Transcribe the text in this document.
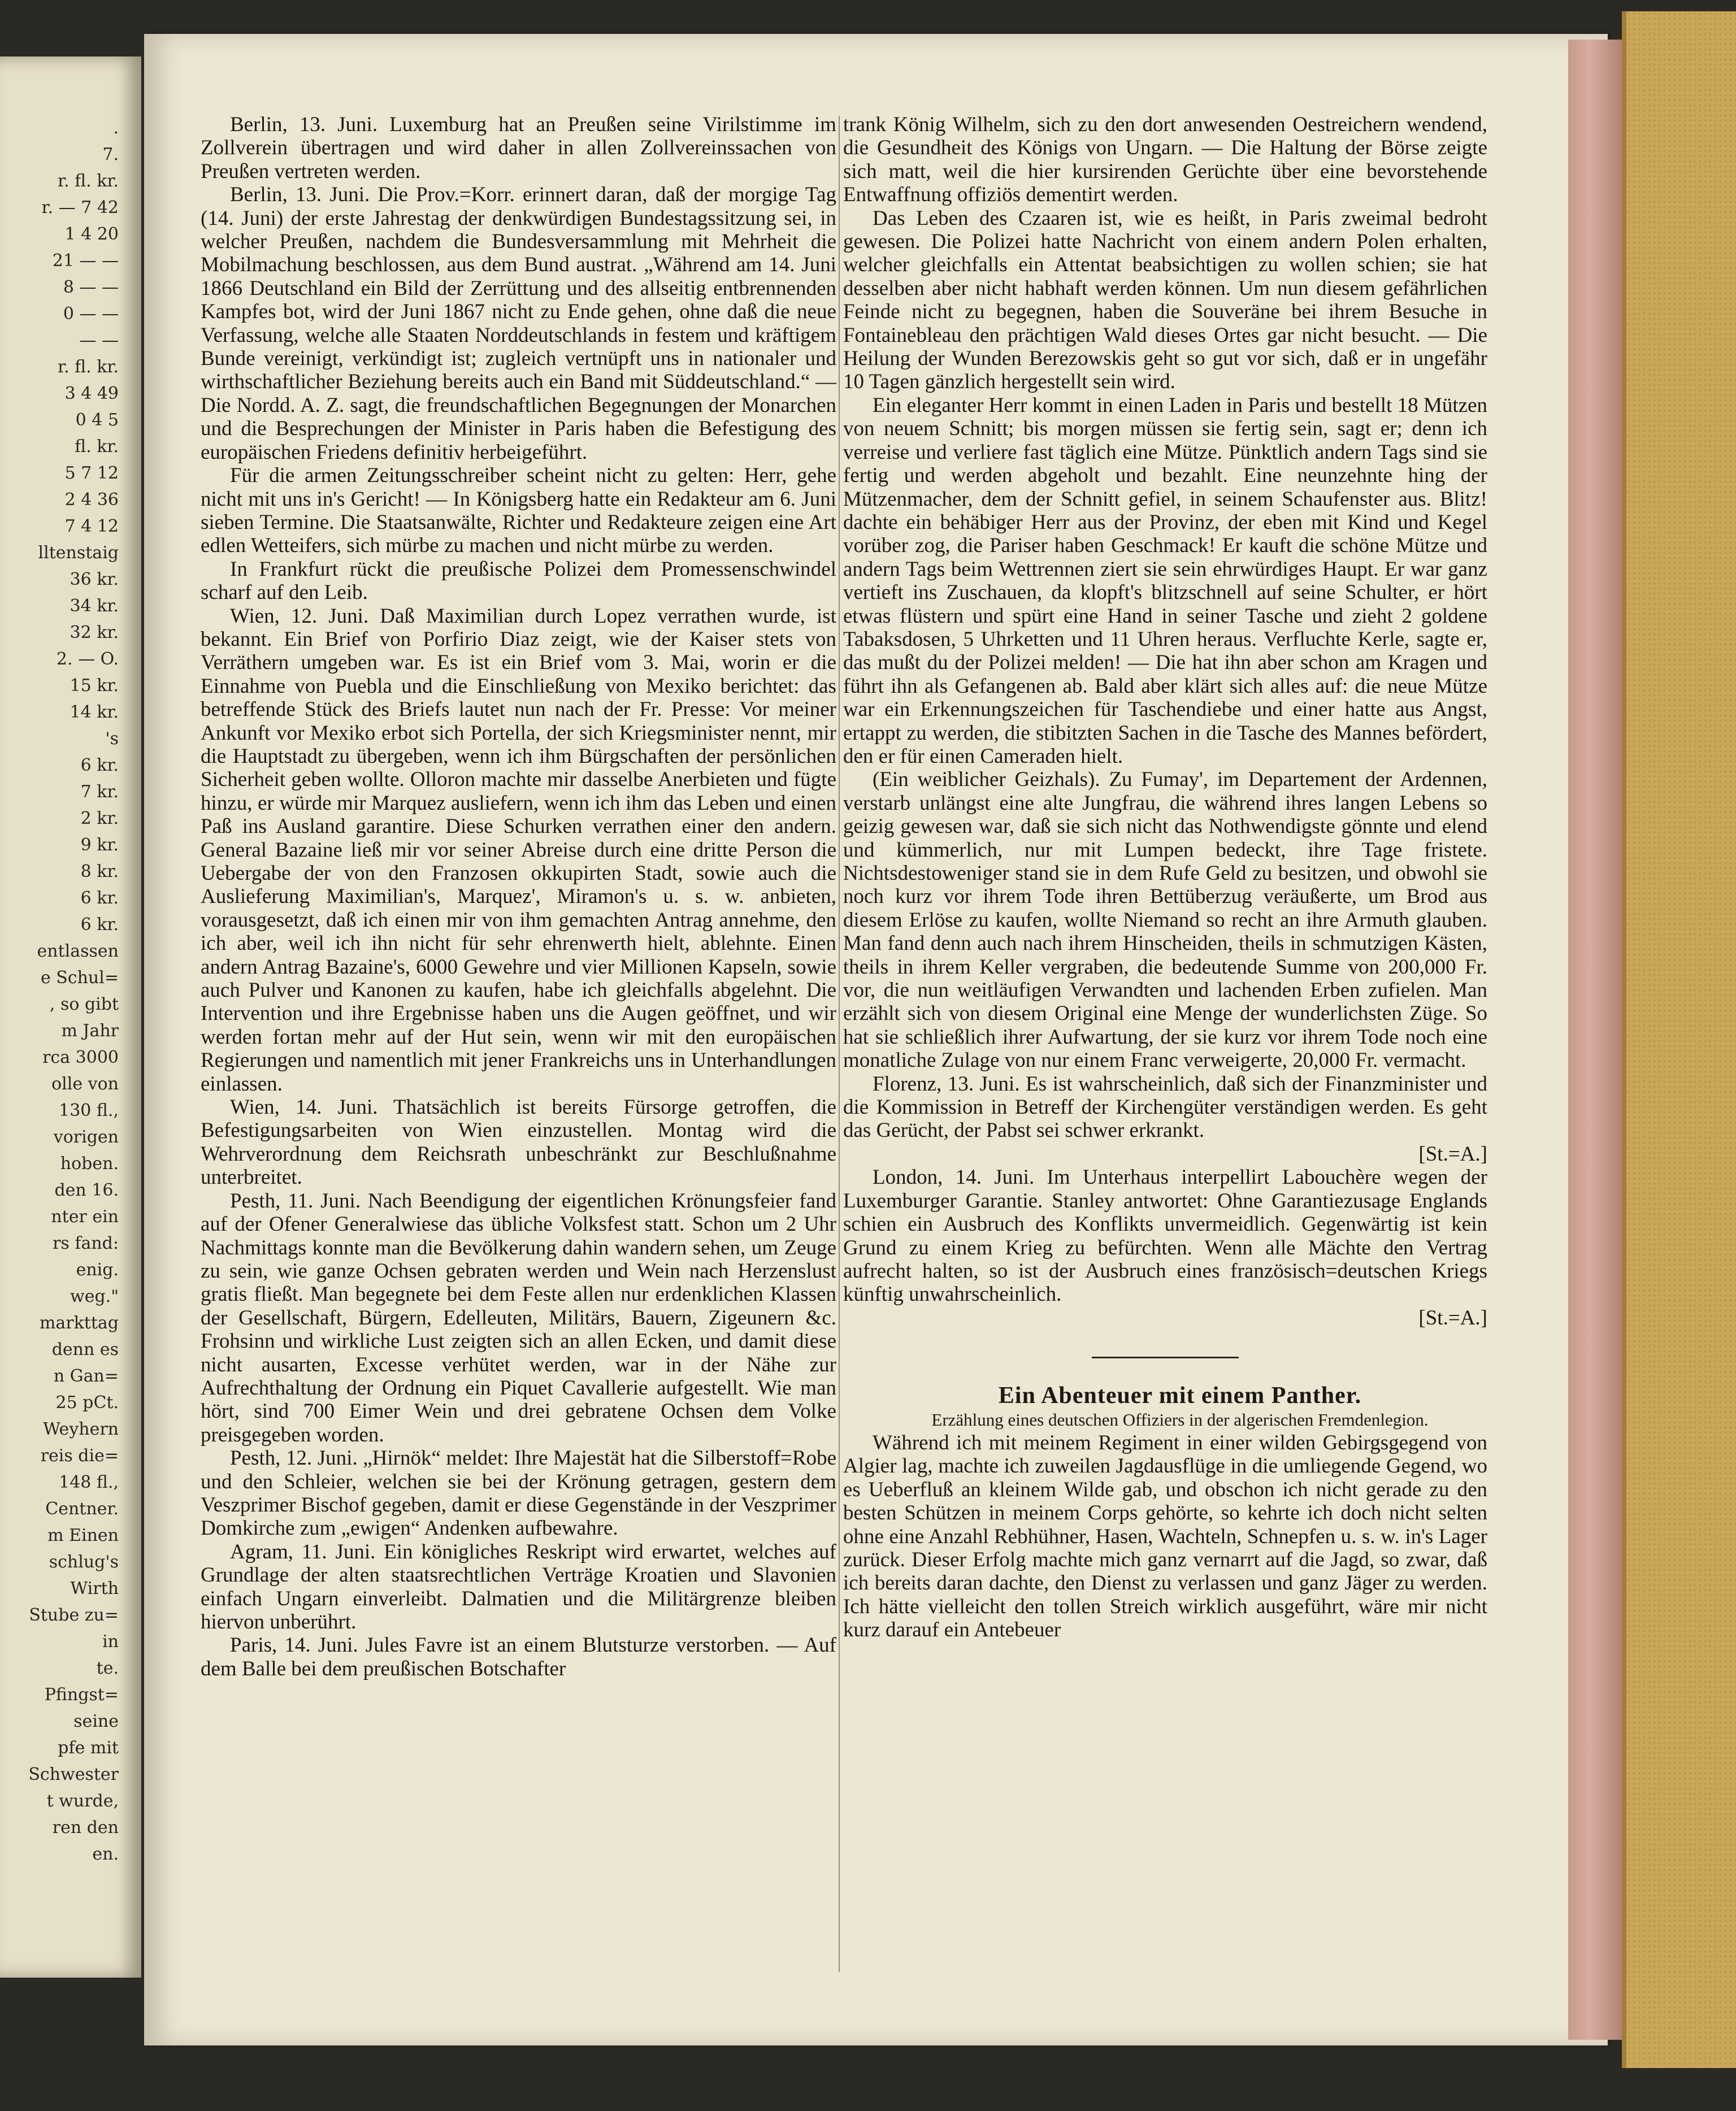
.
7.
r. fl. kr.
r. — 7 42
1 4 20
21 — —
8 — —
0 — —
— —
r. fl. kr.
3 4 49
0 4 5
fl. kr.
5 7 12
2 4 36
7 4 12
lltenstaig
36 kr.
34 kr.
32 kr.
2. — O.
15 kr.
14 kr.
's
6 kr.
7 kr.
2 kr.
9 kr.
8 kr.
6 kr.
6 kr.
entlassen
e Schul=
, so gibt
m Jahr
rca 3000
olle von
130 fl.,
vorigen
hoben.
den 16.
nter ein
rs fand:
enig.
weg."
markttag
denn es
n Gan=
25 pCt.
Weyhern
reis die=
148 fl.,
Centner.
m Einen
schlug's
Wirth
Stube zu=
in
te.
Pfingst=
seine
pfe mit
Schwester
t wurde,
ren den
en.

Berlin, 13. Juni. Luxemburg hat an Preußen seine Virilstimme im Zollverein übertragen und wird daher in allen Zollvereinssachen von Preußen vertreten werden.

Berlin, 13. Juni. Die Prov.=Korr. erinnert daran, daß der morgige Tag (14. Juni) der erste Jahrestag der denkwürdigen Bundestagssitzung sei, in welcher Preußen, nachdem die Bundesversammlung mit Mehrheit die Mobilmachung beschlossen, aus dem Bund austrat. „Während am 14. Juni 1866 Deutschland ein Bild der Zerrüttung und des allseitig entbrennenden Kampfes bot, wird der Juni 1867 nicht zu Ende gehen, ohne daß die neue Verfassung, welche alle Staaten Norddeutschlands in festem und kräftigem Bunde vereinigt, verkündigt ist; zugleich vertnüpft uns in nationaler und wirthschaftlicher Beziehung bereits auch ein Band mit Süddeutschland.“ — Die Nordd. A. Z. sagt, die freundschaftlichen Begegnungen der Monarchen und die Besprechungen der Minister in Paris haben die Befestigung des europäischen Friedens definitiv herbeigeführt.

Für die armen Zeitungsschreiber scheint nicht zu gelten: Herr, gehe nicht mit uns in's Gericht! — In Königsberg hatte ein Redakteur am 6. Juni sieben Termine. Die Staatsanwälte, Richter und Redakteure zeigen eine Art edlen Wetteifers, sich mürbe zu machen und nicht mürbe zu werden.

In Frankfurt rückt die preußische Polizei dem Promessenschwindel scharf auf den Leib.

Wien, 12. Juni. Daß Maximilian durch Lopez verrathen wurde, ist bekannt. Ein Brief von Porfirio Diaz zeigt, wie der Kaiser stets von Verräthern umgeben war. Es ist ein Brief vom 3. Mai, worin er die Einnahme von Puebla und die Einschließung von Mexiko berichtet: das betreffende Stück des Briefs lautet nun nach der Fr. Presse: Vor meiner Ankunft vor Mexiko erbot sich Portella, der sich Kriegsminister nennt, mir die Hauptstadt zu übergeben, wenn ich ihm Bürgschaften der persönlichen Sicherheit geben wollte. Olloron machte mir dasselbe Anerbieten und fügte hinzu, er würde mir Marquez ausliefern, wenn ich ihm das Leben und einen Paß ins Ausland garantire. Diese Schurken verrathen einer den andern. General Bazaine ließ mir vor seiner Abreise durch eine dritte Person die Uebergabe der von den Franzosen okkupirten Stadt, sowie auch die Auslieferung Maximilian's, Marquez', Miramon's u. s. w. anbieten, vorausgesetzt, daß ich einen mir von ihm gemachten Antrag annehme, den ich aber, weil ich ihn nicht für sehr ehrenwerth hielt, ablehnte. Einen andern Antrag Bazaine's, 6000 Gewehre und vier Millionen Kapseln, sowie auch Pulver und Kanonen zu kaufen, habe ich gleichfalls abgelehnt. Die Intervention und ihre Ergebnisse haben uns die Augen geöffnet, und wir werden fortan mehr auf der Hut sein, wenn wir mit den europäischen Regierungen und namentlich mit jener Frankreichs uns in Unterhandlungen einlassen.

Wien, 14. Juni. Thatsächlich ist bereits Fürsorge getroffen, die Befestigungsarbeiten von Wien einzustellen. Montag wird die Wehrverordnung dem Reichsrath unbeschränkt zur Beschlußnahme unterbreitet.

Pesth, 11. Juni. Nach Beendigung der eigentlichen Krönungsfeier fand auf der Ofener Generalwiese das übliche Volksfest statt. Schon um 2 Uhr Nachmittags konnte man die Bevölkerung dahin wandern sehen, um Zeuge zu sein, wie ganze Ochsen gebraten werden und Wein nach Herzenslust gratis fließt. Man begegnete bei dem Feste allen nur erdenklichen Klassen der Gesellschaft, Bürgern, Edelleuten, Militärs, Bauern, Zigeunern &c. Frohsinn und wirkliche Lust zeigten sich an allen Ecken, und damit diese nicht ausarten, Excesse verhütet werden, war in der Nähe zur Aufrechthaltung der Ordnung ein Piquet Cavallerie aufgestellt. Wie man hört, sind 700 Eimer Wein und drei gebratene Ochsen dem Volke preisgegeben worden.

Pesth, 12. Juni. „Hirnök“ meldet: Ihre Majestät hat die Silberstoff=Robe und den Schleier, welchen sie bei der Krönung getragen, gestern dem Veszprimer Bischof gegeben, damit er diese Gegenstände in der Veszprimer Domkirche zum „ewigen“ Andenken aufbewahre.

Agram, 11. Juni. Ein königliches Reskript wird erwartet, welches auf Grundlage der alten staatsrechtlichen Verträge Kroatien und Slavonien einfach Ungarn einverleibt. Dalmatien und die Militärgrenze bleiben hiervon unberührt.

Paris, 14. Juni. Jules Favre ist an einem Blutsturze verstorben. — Auf dem Balle bei dem preußischen Botschafter

trank König Wilhelm, sich zu den dort anwesenden Oestreichern wendend, die Gesundheit des Königs von Ungarn. — Die Haltung der Börse zeigte sich matt, weil die hier kursirenden Gerüchte über eine bevorstehende Entwaffnung offiziös dementirt werden.

Das Leben des Czaaren ist, wie es heißt, in Paris zweimal bedroht gewesen. Die Polizei hatte Nachricht von einem andern Polen erhalten, welcher gleichfalls ein Attentat beabsichtigen zu wollen schien; sie hat desselben aber nicht habhaft werden können. Um nun diesem gefährlichen Feinde nicht zu begegnen, haben die Souveräne bei ihrem Besuche in Fontainebleau den prächtigen Wald dieses Ortes gar nicht besucht. — Die Heilung der Wunden Berezowskis geht so gut vor sich, daß er in ungefähr 10 Tagen gänzlich hergestellt sein wird.

Ein eleganter Herr kommt in einen Laden in Paris und bestellt 18 Mützen von neuem Schnitt; bis morgen müssen sie fertig sein, sagt er; denn ich verreise und verliere fast täglich eine Mütze. Pünktlich andern Tags sind sie fertig und werden abgeholt und bezahlt. Eine neunzehnte hing der Mützenmacher, dem der Schnitt gefiel, in seinem Schaufenster aus. Blitz! dachte ein behäbiger Herr aus der Provinz, der eben mit Kind und Kegel vorüber zog, die Pariser haben Geschmack! Er kauft die schöne Mütze und andern Tags beim Wettrennen ziert sie sein ehrwürdiges Haupt. Er war ganz vertieft ins Zuschauen, da klopft's blitzschnell auf seine Schulter, er hört etwas flüstern und spürt eine Hand in seiner Tasche und zieht 2 goldene Tabaksdosen, 5 Uhrketten und 11 Uhren heraus. Verfluchte Kerle, sagte er, das mußt du der Polizei melden! — Die hat ihn aber schon am Kragen und führt ihn als Gefangenen ab. Bald aber klärt sich alles auf: die neue Mütze war ein Erkennungszeichen für Taschendiebe und einer hatte aus Angst, ertappt zu werden, die stibitzten Sachen in die Tasche des Mannes befördert, den er für einen Cameraden hielt.

(Ein weiblicher Geizhals). Zu Fumay', im Departement der Ardennen, verstarb unlängst eine alte Jungfrau, die während ihres langen Lebens so geizig gewesen war, daß sie sich nicht das Nothwendigste gönnte und elend und kümmerlich, nur mit Lumpen bedeckt, ihre Tage fristete. Nichtsdestoweniger stand sie in dem Rufe Geld zu besitzen, und obwohl sie noch kurz vor ihrem Tode ihren Bettüberzug veräußerte, um Brod aus diesem Erlöse zu kaufen, wollte Niemand so recht an ihre Armuth glauben. Man fand denn auch nach ihrem Hinscheiden, theils in schmutzigen Kästen, theils in ihrem Keller vergraben, die bedeutende Summe von 200,000 Fr. vor, die nun weitläufigen Verwandten und lachenden Erben zufielen. Man erzählt sich von diesem Original eine Menge der wunderlichsten Züge. So hat sie schließlich ihrer Aufwartung, der sie kurz vor ihrem Tode noch eine monatliche Zulage von nur einem Franc verweigerte, 20,000 Fr. vermacht.

Florenz, 13. Juni. Es ist wahrscheinlich, daß sich der Finanzminister und die Kommission in Betreff der Kirchengüter verständigen werden. Es geht das Gerücht, der Pabst sei schwer erkrankt.

[St.=A.]

London, 14. Juni. Im Unterhaus interpellirt Labouchère wegen der Luxemburger Garantie. Stanley antwortet: Ohne Garantiezusage Englands schien ein Ausbruch des Konflikts unvermeidlich. Gegenwärtig ist kein Grund zu einem Krieg zu befürchten. Wenn alle Mächte den Vertrag aufrecht halten, so ist der Ausbruch eines französisch=deutschen Kriegs künftig unwahrscheinlich.

[St.=A.]

Ein Abenteuer mit einem Panther.

Erzählung eines deutschen Offiziers in der algerischen Fremdenlegion.

Während ich mit meinem Regiment in einer wilden Gebirgsgegend von Algier lag, machte ich zuweilen Jagdausflüge in die umliegende Gegend, wo es Ueberfluß an kleinem Wilde gab, und obschon ich nicht gerade zu den besten Schützen in meinem Corps gehörte, so kehrte ich doch nicht selten ohne eine Anzahl Rebhühner, Hasen, Wachteln, Schnepfen u. s. w. in's Lager zurück. Dieser Erfolg machte mich ganz vernarrt auf die Jagd, so zwar, daß ich bereits daran dachte, den Dienst zu verlassen und ganz Jäger zu werden. Ich hätte vielleicht den tollen Streich wirklich ausgeführt, wäre mir nicht kurz darauf ein Antebeuer
